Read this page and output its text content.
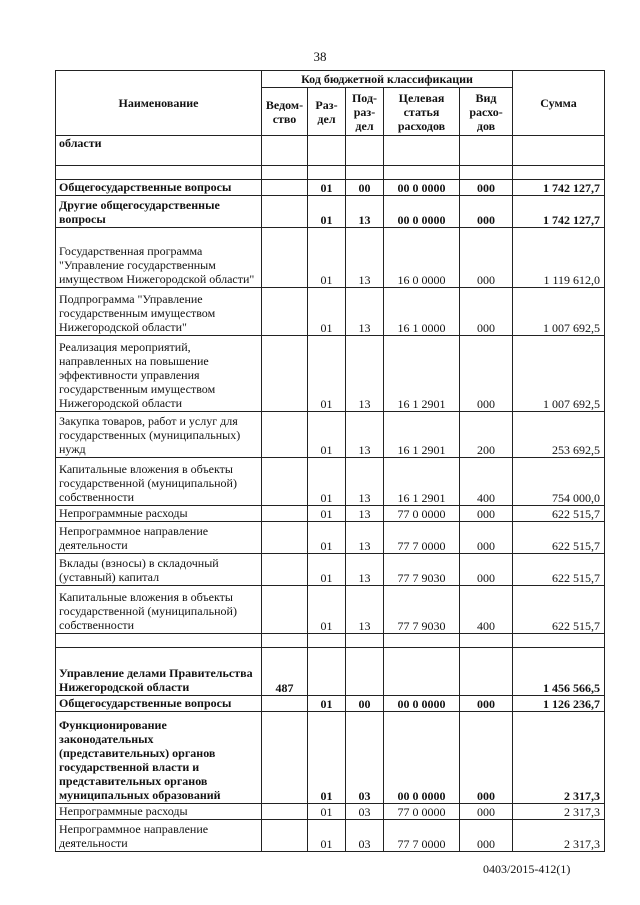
38
Наименование	Код бюджетной классификации					Сумма
	Ведом-ство	Раз-дел	Под-раз-дел	Целевая статья расходов	Вид расхо-дов	
области						

Общегосударственные вопросы		01	00	00 0 0000	000	1 742 127,7
Другие общегосударственные вопросы		01	13	00 0 0000	000	1 742 127,7
Государственная программа "Управление государственным имуществом Нижегородской области"		01	13	16 0 0000	000	1 119 612,0
Подпрограмма "Управление государственным имуществом Нижегородской области"		01	13	16 1 0000	000	1 007 692,5
Реализация мероприятий, направленных на повышение эффективности управления государственным имуществом Нижегородской области		01	13	16 1 2901	000	1 007 692,5
Закупка товаров, работ и услуг для государственных (муниципальных) нужд		01	13	16 1 2901	200	253 692,5
Капитальные вложения в объекты государственной (муниципальной) собственности		01	13	16 1 2901	400	754 000,0
Непрограммные расходы		01	13	77 0 0000	000	622 515,7
Непрограммное направление деятельности		01	13	77 7 0000	000	622 515,7
Вклады (взносы) в складочный (уставный) капитал		01	13	77 7 9030	000	622 515,7
Капитальные вложения в объекты государственной (муниципальной) собственности		01	13	77 7 9030	400	622 515,7

Управление делами Правительства Нижегородской области	487					1 456 566,5
Общегосударственные вопросы		01	00	00 0 0000	000	1 126 236,7
Функционирование законодательных (представительных) органов государственной власти и представительных органов муниципальных образований		01	03	00 0 0000	000	2 317,3
Непрограммные расходы		01	03	77 0 0000	000	2 317,3
Непрограммное направление деятельности		01	03	77 7 0000	000	2 317,3
0403/2015-412(1)
